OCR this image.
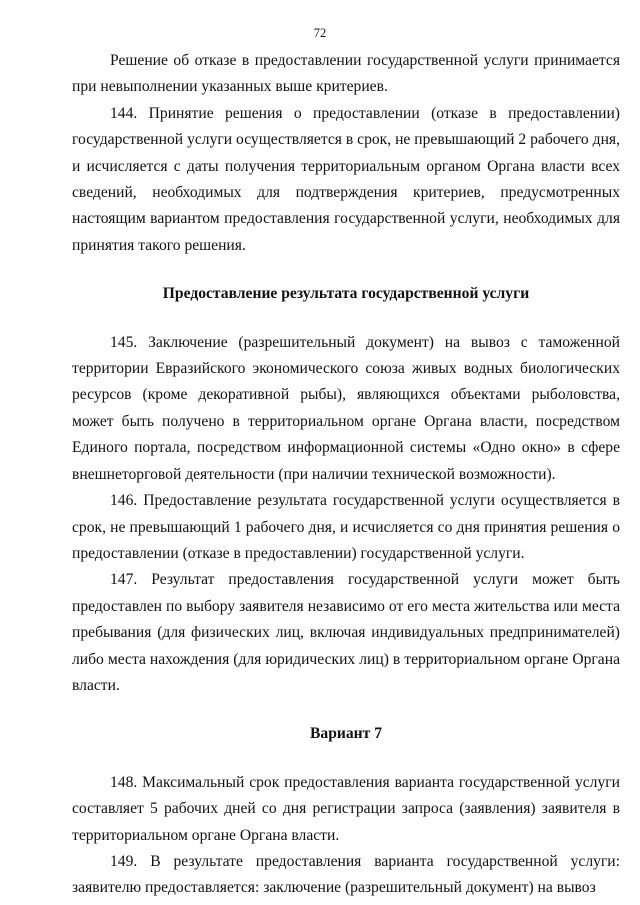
72

Решение об отказе в предоставлении государственной услуги принимается при невыполнении указанных выше критериев.

144. Принятие решения о предоставлении (отказе в предоставлении) государственной услуги осуществляется в срок, не превышающий 2 рабочего дня, и исчисляется с даты получения территориальным органом Органа власти всех сведений, необходимых для подтверждения критериев, предусмотренных настоящим вариантом предоставления государственной услуги, необходимых для принятия такого решения.

Предоставление результата государственной услуги

145. Заключение (разрешительный документ) на вывоз с таможенной территории Евразийского экономического союза живых водных биологических ресурсов (кроме декоративной рыбы), являющихся объектами рыболовства, может быть получено в территориальном органе Органа власти, посредством Единого портала, посредством информационной системы «Одно окно» в сфере внешнеторговой деятельности (при наличии технической возможности).

146. Предоставление результата государственной услуги осуществляется в срок, не превышающий 1 рабочего дня, и исчисляется со дня принятия решения о предоставлении (отказе в предоставлении) государственной услуги.

147. Результат предоставления государственной услуги может быть предоставлен по выбору заявителя независимо от его места жительства или места пребывания (для физических лиц, включая индивидуальных предпринимателей) либо места нахождения (для юридических лиц) в территориальном органе Органа власти.

Вариант 7

148. Максимальный срок предоставления варианта государственной услуги составляет 5 рабочих дней со дня регистрации запроса (заявления) заявителя в территориальном органе Органа власти.

149. В результате предоставления варианта государственной услуги: заявителю предоставляется: заключение (разрешительный документ) на вывоз
